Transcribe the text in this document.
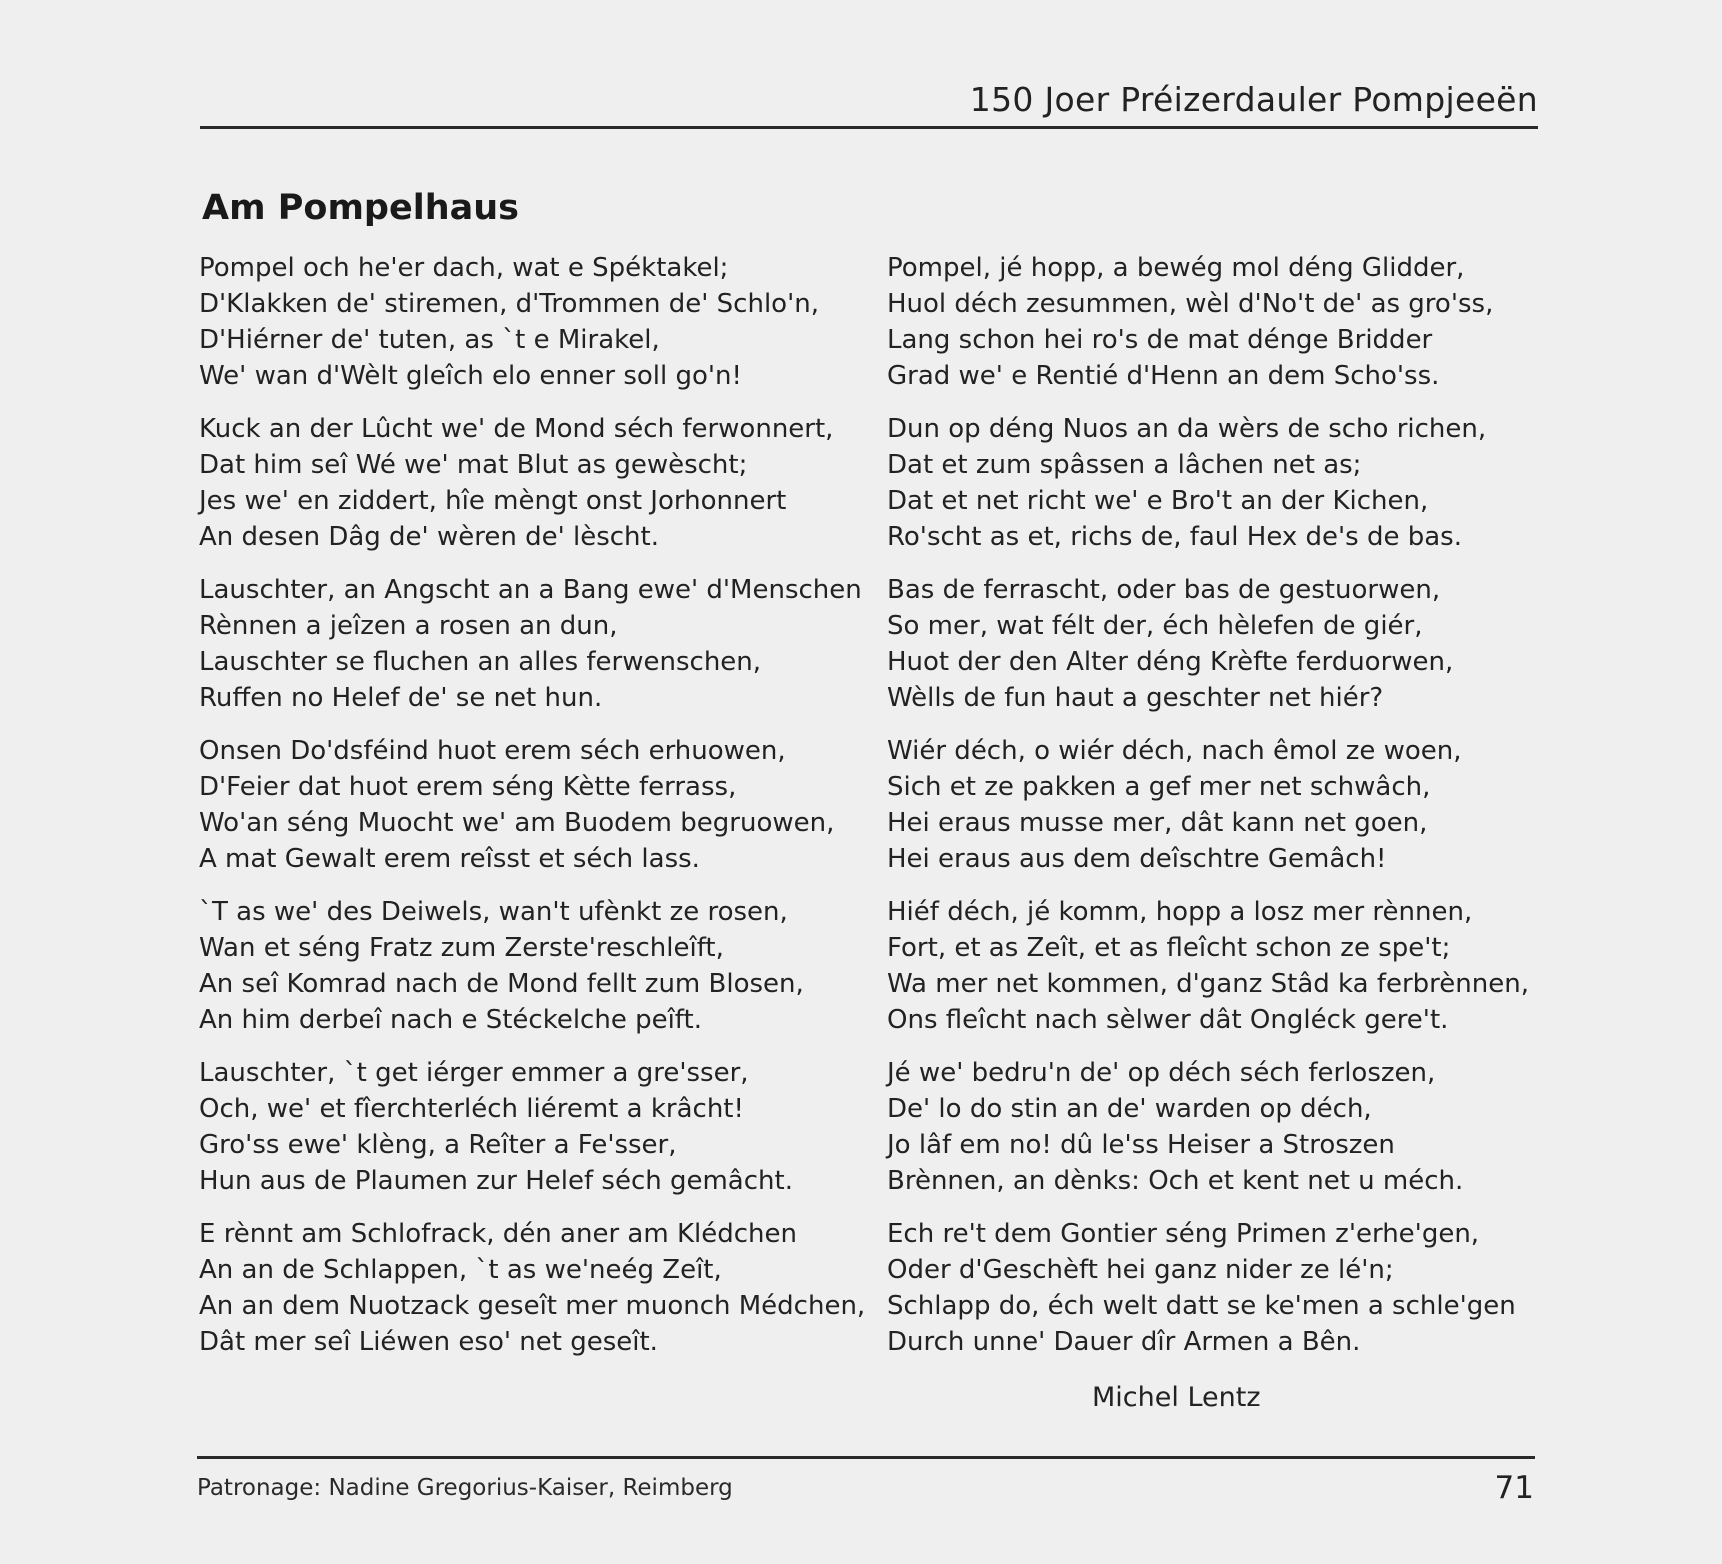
150 Joer Préizerdauler Pompjeeën
Am Pompelhaus
Pompel och he'er dach, wat e Spéktakel;
D'Klakken de' stiremen, d'Trommen de' Schlo'n,
D'Hiérner de' tuten, as `t e Mirakel,
We' wan d'Wèlt gleîch elo enner soll go'n!
Kuck an der Lûcht we' de Mond séch ferwonnert,
Dat him seî Wé we' mat Blut as gewèscht;
Jes we' en ziddert, hîe mèngt onst Jorhonnert
An desen Dâg de' wèren de' lèscht.
Lauschter, an Angscht an a Bang ewe' d'Menschen
Rènnen a jeîzen a rosen an dun,
Lauschter se fluchen an alles ferwenschen,
Ruffen no Helef de' se net hun.
Onsen Do'dsféind huot erem séch erhuowen,
D'Feier dat huot erem séng Kètte ferrass,
Wo'an séng Muocht we' am Buodem begruowen,
A mat Gewalt erem reîsst et séch lass.
`T as we' des Deiwels, wan't ufènkt ze rosen,
Wan et séng Fratz zum Zerste'reschleîft,
An seî Komrad nach de Mond fellt zum Blosen,
An him derbeî nach e Stéckelche peîft.
Lauschter, `t get iérger emmer a gre'sser,
Och, we' et fîerchterléch liéremt a krâcht!
Gro'ss ewe' klèng, a Reîter a Fe'sser,
Hun aus de Plaumen zur Helef séch gemâcht.
E rènnt am Schlofrack, dén aner am Klédchen
An an de Schlappen, `t as we'neég Zeît,
An an dem Nuotzack geseît mer muonch Médchen,
Dât mer seî Liéwen eso' net geseît.
Pompel, jé hopp, a bewég mol déng Glidder,
Huol déch zesummen, wèl d'No't de' as gro'ss,
Lang schon hei ro's de mat dénge Bridder
Grad we' e Rentié d'Henn an dem Scho'ss.
Dun op déng Nuos an da wèrs de scho richen,
Dat et zum spâssen a lâchen net as;
Dat et net richt we' e Bro't an der Kichen,
Ro'scht as et, richs de, faul Hex de's de bas.
Bas de ferrascht, oder bas de gestuorwen,
So mer, wat félt der, éch hèlefen de giér,
Huot der den Alter déng Krèfte ferduorwen,
Wèlls de fun haut a geschter net hiér?
Wiér déch, o wiér déch, nach êmol ze woen,
Sich et ze pakken a gef mer net schwâch,
Hei eraus musse mer, dât kann net goen,
Hei eraus aus dem deîschtre Gemâch!
Hiéf déch, jé komm, hopp a losz mer rènnen,
Fort, et as Zeît, et as fleîcht schon ze spe't;
Wa mer net kommen, d'ganz Stâd ka ferbrènnen,
Ons fleîcht nach sèlwer dât Ongléck gere't.
Jé we' bedru'n de' op déch séch ferloszen,
De' lo do stin an de' warden op déch,
Jo lâf em no! dû le'ss Heiser a Stroszen
Brènnen, an dènks: Och et kent net u méch.
Ech re't dem Gontier séng Primen z'erhe'gen,
Oder d'Geschèft hei ganz nider ze lé'n;
Schlapp do, éch welt datt se ke'men a schle'gen
Durch unne' Dauer dîr Armen a Bên.
Michel Lentz
Patronage: Nadine Gregorius-Kaiser, Reimberg	71
